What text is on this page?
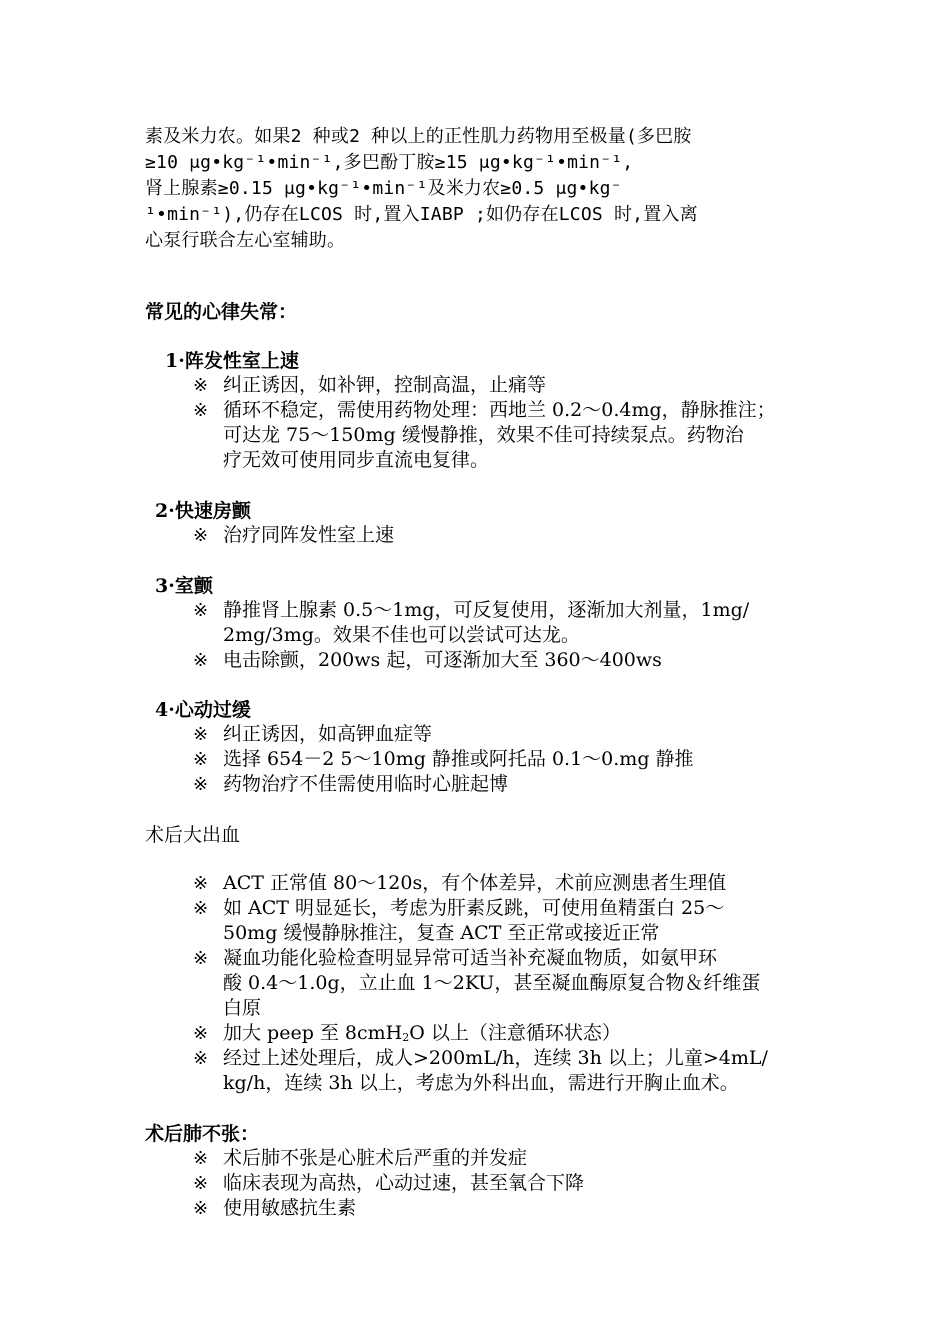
素及米力农。如果2 种或2 种以上的正性肌力药物用至极量(多巴胺
≥10 μg•kg⁻¹•min⁻¹,多巴酚丁胺≥15 μg•kg⁻¹•min⁻¹,
肾上腺素≥0.15 μg•kg⁻¹•min⁻¹及米力农≥0.5 μg•kg⁻
¹•min⁻¹),仍存在LCOS 时,置入IABP ;如仍存在LCOS 时,置入离
心泵行联合左心室辅助。
常见的心律失常：
1·阵发性室上速
※ 纠正诱因，如补钾，控制高温，止痛等
※ 循环不稳定，需使用药物处理：西地兰 0.2～0.4mg，静脉推注；
可达龙 75～150mg 缓慢静推，效果不佳可持续泵点。药物治
疗无效可使用同步直流电复律。
2·快速房颤
※ 治疗同阵发性室上速
3·室颤
※ 静推肾上腺素 0.5～1mg，可反复使用，逐渐加大剂量，1mg/
2mg/3mg。效果不佳也可以尝试可达龙。
※ 电击除颤，200ws 起，可逐渐加大至 360～400ws
4·心动过缓
※ 纠正诱因，如高钾血症等
※ 选择 654－2 5～10mg 静推或阿托品 0.1～0.mg 静推
※ 药物治疗不佳需使用临时心脏起博
术后大出血
※ ACT 正常值 80～120s，有个体差异，术前应测患者生理值
※ 如 ACT 明显延长，考虑为肝素反跳，可使用鱼精蛋白 25～
50mg 缓慢静脉推注，复查 ACT 至正常或接近正常
※ 凝血功能化验检查明显异常可适当补充凝血物质，如氨甲环
酸 0.4～1.0g，立止血 1～2KU，甚至凝血酶原复合物＆纤维蛋
白原
※ 加大 peep 至 8cmH$_2$O 以上（注意循环状态）
※ 经过上述处理后，成人>200mL/h，连续 3h 以上；儿童>4mL/
kg/h，连续 3h 以上，考虑为外科出血，需进行开胸止血术。
术后肺不张：
※ 术后肺不张是心脏术后严重的并发症
※ 临床表现为高热，心动过速，甚至氧合下降
※ 使用敏感抗生素
